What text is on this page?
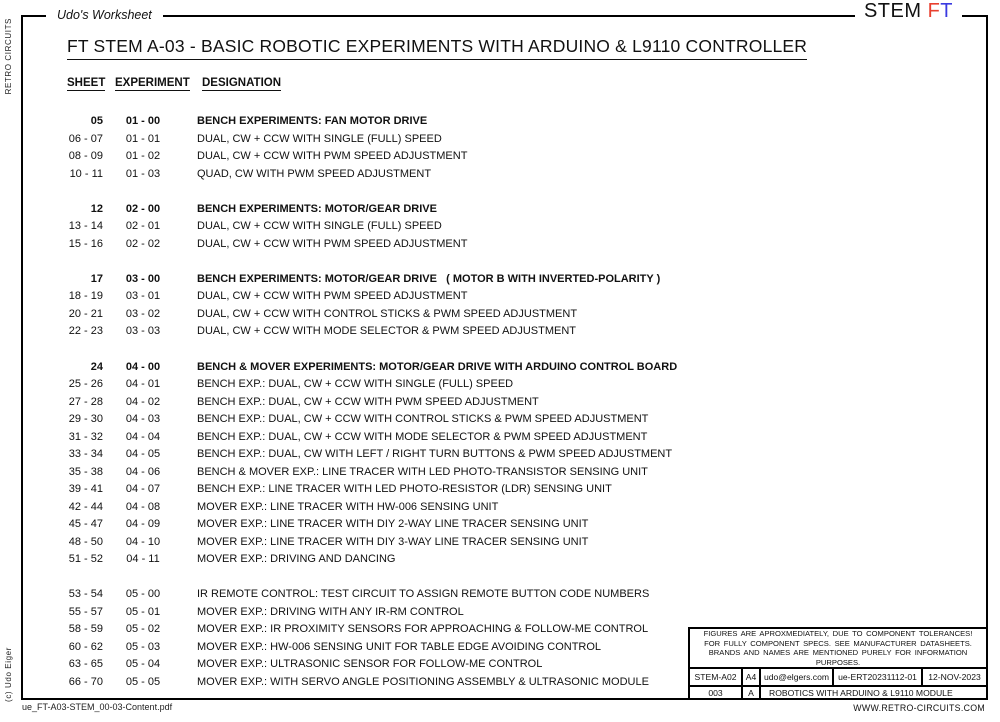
RETRO CIRCUITS
(c) Udo Eiger
Udo's Worksheet	STEM FT
FT STEM A-03 - BASIC ROBOTIC EXPERIMENTS WITH ARDUINO & L9110 CONTROLLER
SHEET EXPERIMENT DESIGNATION
05 01 - 00	BENCH EXPERIMENTS: FAN MOTOR DRIVE
06 - 07 01 - 01	DUAL, CW + CCW WITH SINGLE (FULL) SPEED
08 - 09 01 - 02	DUAL, CW + CCW WITH PWM SPEED ADJUSTMENT
10 - 11 01 - 03	QUAD, CW WITH PWM SPEED ADJUSTMENT
12 02 - 00	BENCH EXPERIMENTS: MOTOR/GEAR DRIVE
13 - 14 02 - 01	DUAL, CW + CCW WITH SINGLE (FULL) SPEED
15 - 16 02 - 02	DUAL, CW + CCW WITH PWM SPEED ADJUSTMENT
17 03 - 00	BENCH EXPERIMENTS: MOTOR/GEAR DRIVE   ( MOTOR B WITH INVERTED-POLARITY )
18 - 19 03 - 01	DUAL, CW + CCW WITH PWM SPEED ADJUSTMENT
20 - 21 03 - 02	DUAL, CW + CCW WITH CONTROL STICKS & PWM SPEED ADJUSTMENT
22 - 23 03 - 03	DUAL, CW + CCW WITH MODE SELECTOR & PWM SPEED ADJUSTMENT
24 04 - 00	BENCH & MOVER EXPERIMENTS: MOTOR/GEAR DRIVE WITH ARDUINO CONTROL BOARD
25 - 26 04 - 01	BENCH EXP.: DUAL, CW + CCW WITH SINGLE (FULL) SPEED
27 - 28 04 - 02	BENCH EXP.: DUAL, CW + CCW WITH PWM SPEED ADJUSTMENT
29 - 30 04 - 03	BENCH EXP.: DUAL, CW + CCW WITH CONTROL STICKS & PWM SPEED ADJUSTMENT
31 - 32 04 - 04	BENCH EXP.: DUAL, CW + CCW WITH MODE SELECTOR & PWM SPEED ADJUSTMENT
33 - 34 04 - 05	BENCH EXP.: DUAL, CW WITH LEFT / RIGHT TURN BUTTONS & PWM SPEED ADJUSTMENT
35 - 38 04 - 06	BENCH & MOVER EXP.: LINE TRACER WITH LED PHOTO-TRANSISTOR SENSING UNIT
39 - 41 04 - 07	BENCH EXP.: LINE TRACER WITH LED PHOTO-RESISTOR (LDR) SENSING UNIT
42 - 44 04 - 08	MOVER EXP.: LINE TRACER WITH HW-006 SENSING UNIT
45 - 47 04 - 09	MOVER EXP.: LINE TRACER WITH DIY 2-WAY LINE TRACER SENSING UNIT
48 - 50 04 - 10	MOVER EXP.: LINE TRACER WITH DIY 3-WAY LINE TRACER SENSING UNIT
51 - 52 04 - 11	MOVER EXP.: DRIVING AND DANCING
53 - 54 05 - 00	IR REMOTE CONTROL: TEST CIRCUIT TO ASSIGN REMOTE BUTTON CODE NUMBERS
55 - 57 05 - 01	MOVER EXP.: DRIVING WITH ANY IR-RM CONTROL
58 - 59 05 - 02	MOVER EXP.: IR PROXIMITY SENSORS FOR APPROACHING & FOLLOW-ME CONTROL
60 - 62 05 - 03	MOVER EXP.: HW-006 SENSING UNIT FOR TABLE EDGE AVOIDING CONTROL
63 - 65 05 - 04	MOVER EXP.: ULTRASONIC SENSOR FOR FOLLOW-ME CONTROL
66 - 70 05 - 05	MOVER EXP.: WITH SERVO ANGLE POSITIONING ASSEMBLY & ULTRASONIC MODULE
FIGURES ARE APROXMEDIATELY, DUE TO COMPONENT TOLERANCES!
FOR FULLY COMPONENT SPECS. SEE MANUFACTURER DATASHEETS.
BRANDS AND NAMES ARE MENTIONED PURELY FOR INFORMATION PURPOSES.
STEM-A02	A4 udo@elgers.com	ue-ERT20231112-01	12-NOV-2023
003	A	ROBOTICS WITH ARDUINO & L9110 MODULE
ue_FT-A03-STEM_00-03-Content.pdf	WWW.RETRO-CIRCUITS.COM
